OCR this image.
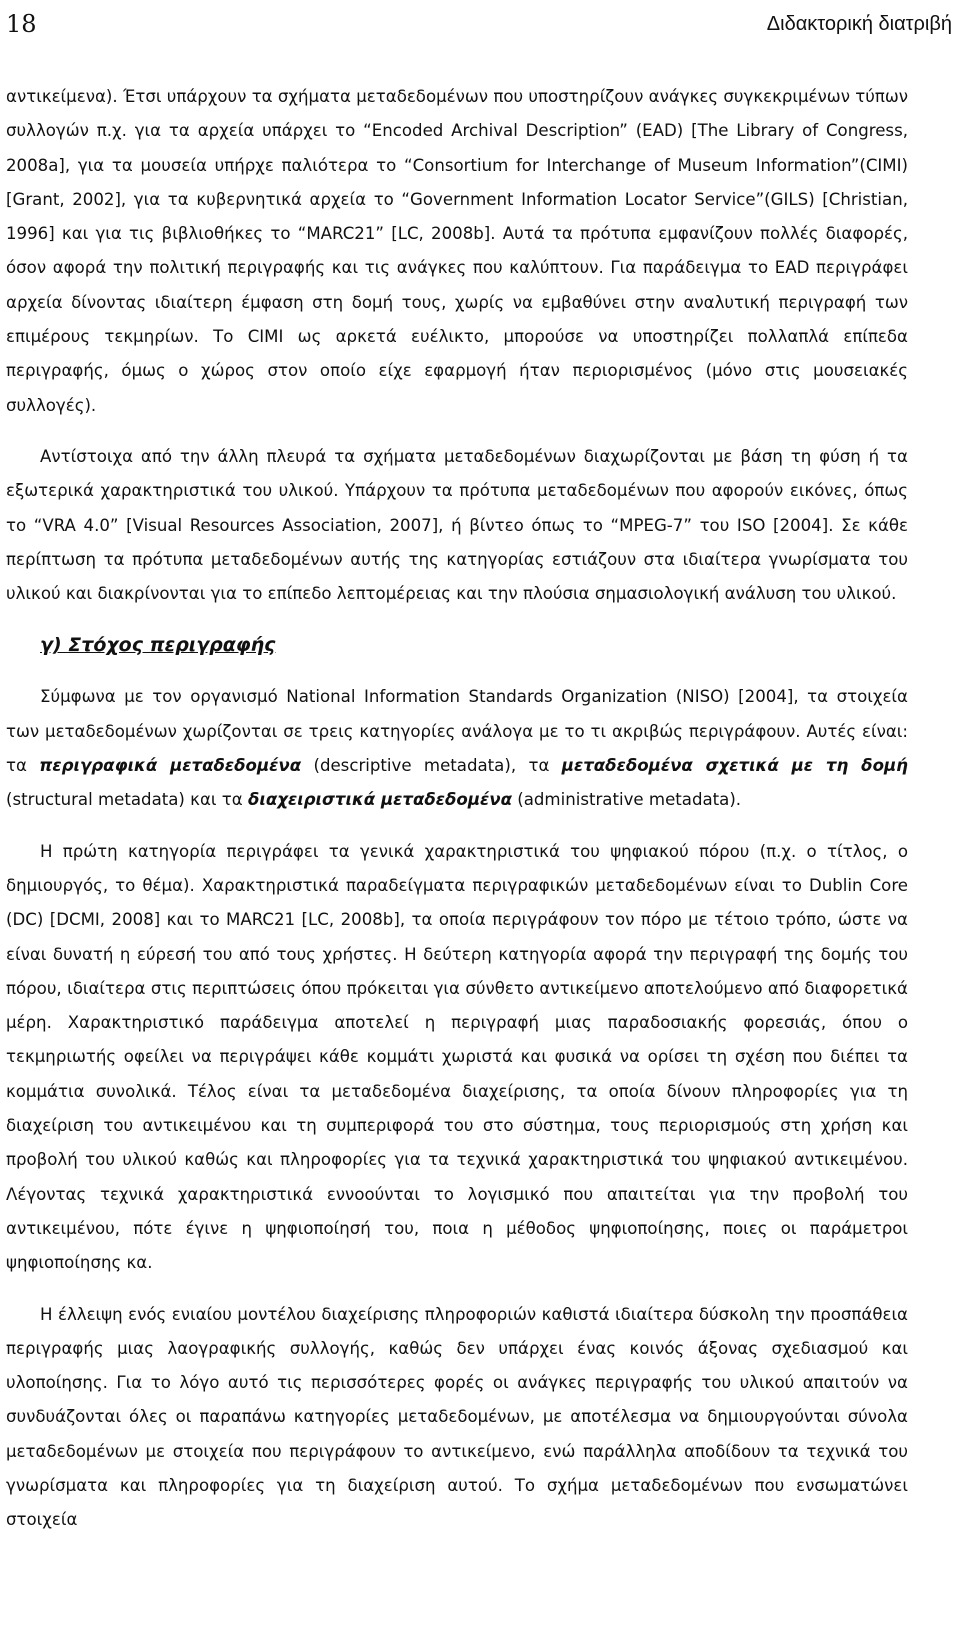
18	Διδακτορική διατριβή

αντικείμενα). Έτσι υπάρχουν τα σχήματα μεταδεδομένων που υποστηρίζουν ανάγκες συγκεκριμένων τύπων συλλογών π.χ. για τα αρχεία υπάρχει το “Encoded Archival Description” (EAD) [The Library of Congress, 2008a], για τα μουσεία υπήρχε παλιότερα το “Consortium for Interchange of Museum Information”(CIMI) [Grant, 2002], για τα κυβερνητικά αρχεία το “Government Information Locator Service”(GILS) [Christian, 1996] και για τις βιβλιοθήκες το “MARC21” [LC, 2008b]. Αυτά τα πρότυπα εμφανίζουν πολλές διαφορές, όσον αφορά την πολιτική περιγραφής και τις ανάγκες που καλύπτουν. Για παράδειγμα το EAD περιγράφει αρχεία δίνοντας ιδιαίτερη έμφαση στη δομή τους, χωρίς να εμβαθύνει στην αναλυτική περιγραφή των επιμέρους τεκμηρίων. Το CIMI ως αρκετά ευέλικτο, μπορούσε να υποστηρίζει πολλαπλά επίπεδα περιγραφής, όμως ο χώρος στον οποίο είχε εφαρμογή ήταν περιορισμένος (μόνο στις μουσειακές συλλογές).

Αντίστοιχα από την άλλη πλευρά τα σχήματα μεταδεδομένων διαχωρίζονται με βάση τη φύση ή τα εξωτερικά χαρακτηριστικά του υλικού. Υπάρχουν τα πρότυπα μεταδεδομένων που αφορούν εικόνες, όπως το “VRA 4.0” [Visual Resources Association, 2007], ή βίντεο όπως το “MPEG-7” του ISO [2004]. Σε κάθε περίπτωση τα πρότυπα μεταδεδομένων αυτής της κατηγορίας εστιάζουν στα ιδιαίτερα γνωρίσματα του υλικού και διακρίνονται για το επίπεδο λεπτομέρειας και την πλούσια σημασιολογική ανάλυση του υλικού.

γ) Στόχος περιγραφής

Σύμφωνα με τον οργανισμό National Information Standards Organization (NISO) [2004], τα στοιχεία των μεταδεδομένων χωρίζονται σε τρεις κατηγορίες ανάλογα με το τι ακριβώς περιγράφουν. Αυτές είναι: τα περιγραφικά μεταδεδομένα (descriptive metadata), τα μεταδεδομένα σχετικά με τη δομή (structural metadata) και τα διαχειριστικά μεταδεδομένα (administrative metadata).

Η πρώτη κατηγορία περιγράφει τα γενικά χαρακτηριστικά του ψηφιακού πόρου (π.χ. ο τίτλος, ο δημιουργός, το θέμα). Χαρακτηριστικά παραδείγματα περιγραφικών μεταδεδομένων είναι το Dublin Core (DC) [DCMI, 2008] και το MARC21 [LC, 2008b], τα οποία περιγράφουν τον πόρο με τέτοιο τρόπο, ώστε να είναι δυνατή η εύρεσή του από τους χρήστες. Η δεύτερη κατηγορία αφορά την περιγραφή της δομής του πόρου, ιδιαίτερα στις περιπτώσεις όπου πρόκειται για σύνθετο αντικείμενο αποτελούμενο από διαφορετικά μέρη. Χαρακτηριστικό παράδειγμα αποτελεί η περιγραφή μιας παραδοσιακής φορεσιάς, όπου ο τεκμηριωτής οφείλει να περιγράψει κάθε κομμάτι χωριστά και φυσικά να ορίσει τη σχέση που διέπει τα κομμάτια συνολικά. Τέλος είναι τα μεταδεδομένα διαχείρισης, τα οποία δίνουν πληροφορίες για τη διαχείριση του αντικειμένου και τη συμπεριφορά του στο σύστημα, τους περιορισμούς στη χρήση και προβολή του υλικού καθώς και πληροφορίες για τα τεχνικά χαρακτηριστικά του ψηφιακού αντικειμένου. Λέγοντας τεχνικά χαρακτηριστικά εννοούνται το λογισμικό που απαιτείται για την προβολή του αντικειμένου, πότε έγινε η ψηφιοποίησή του, ποια η μέθοδος ψηφιοποίησης, ποιες οι παράμετροι ψηφιοποίησης κα.

Η έλλειψη ενός ενιαίου μοντέλου διαχείρισης πληροφοριών καθιστά ιδιαίτερα δύσκολη την προσπάθεια περιγραφής μιας λαογραφικής συλλογής, καθώς δεν υπάρχει ένας κοινός άξονας σχεδιασμού και υλοποίησης. Για το λόγο αυτό τις περισσότερες φορές οι ανάγκες περιγραφής του υλικού απαιτούν να συνδυάζονται όλες οι παραπάνω κατηγορίες μεταδεδομένων, με αποτέλεσμα να δημιουργούνται σύνολα μεταδεδομένων με στοιχεία που περιγράφουν το αντικείμενο, ενώ παράλληλα αποδίδουν τα τεχνικά του γνωρίσματα και πληροφορίες για τη διαχείριση αυτού. Το σχήμα μεταδεδομένων που ενσωματώνει στοιχεία
